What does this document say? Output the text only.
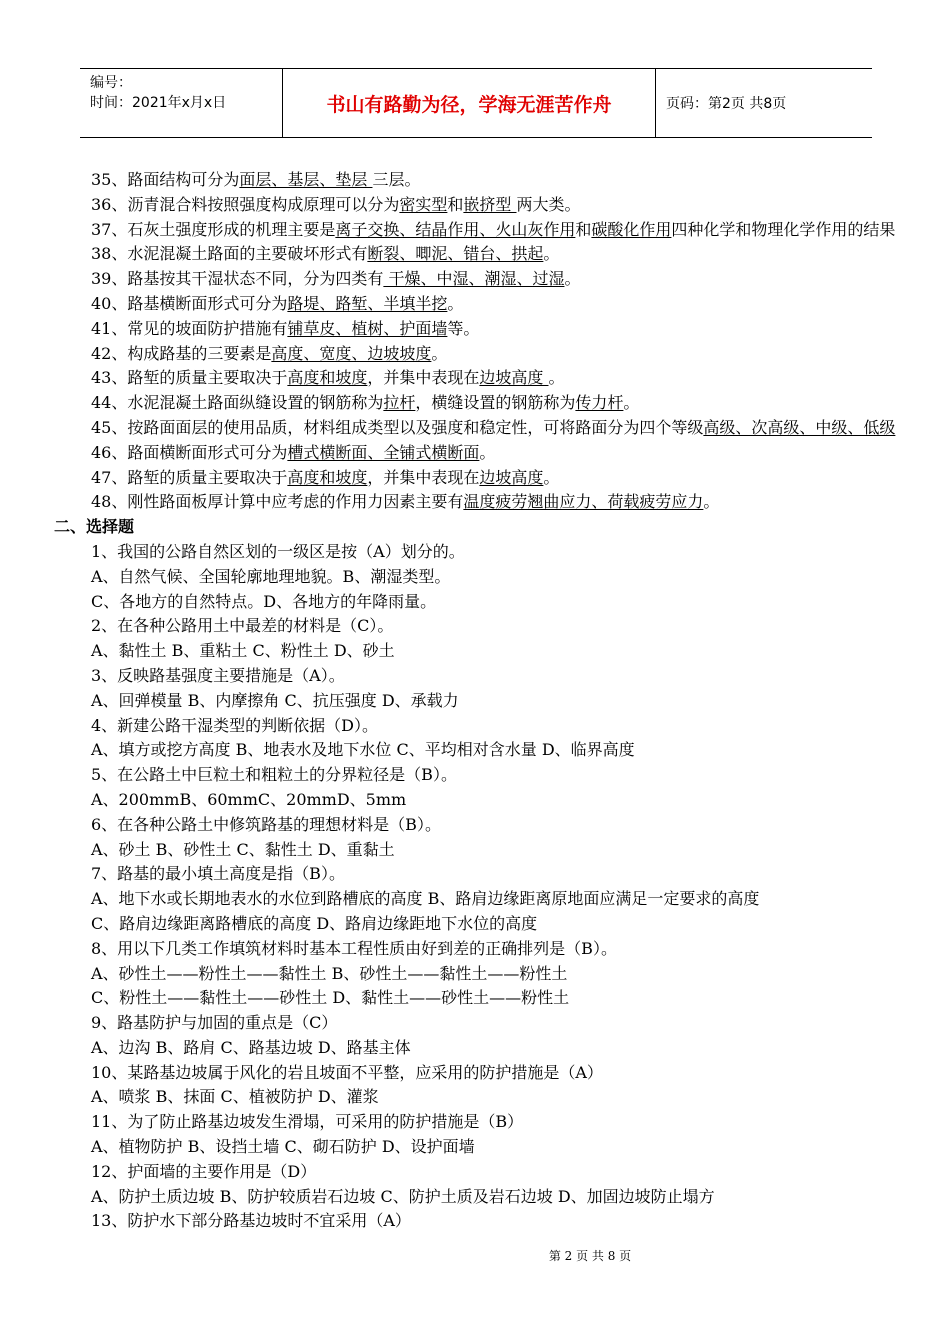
编号：
时间：2021年x月x日	书山有路勤为径，学海无涯苦作舟	页码：第2页 共8页

35、路面结构可分为面层、基层、垫层 三层。

36、沥青混合料按照强度构成原理可以分为密实型和嵌挤型 两大类。

37、石灰土强度形成的机理主要是离子交换、结晶作用、火山灰作用和碳酸化作用四种化学和物理化学作用的结果 38、水泥混凝土路面的主要破坏形式有断裂、唧泥、错台、拱起。

39、路基按其干湿状态不同，分为四类有 干燥、中湿、潮湿、过湿。

40、路基横断面形式可分为路堤、路堑、半填半挖。

41、常见的坡面防护措施有铺草皮、植树、护面墙等。

42、构成路基的三要素是高度、宽度、边坡坡度。

43、路堑的质量主要取决于高度和坡度，并集中表现在边坡高度 。

44、水泥混凝土路面纵缝设置的钢筋称为拉杆，横缝设置的钢筋称为传力杆。

45、按路面面层的使用品质，材料组成类型以及强度和稳定性，可将路面分为四个等级高级、次高级、中级、低级 46、路面横断面形式可分为槽式横断面、全铺式横断面。

47、路堑的质量主要取决于高度和坡度，并集中表现在边坡高度。

48、刚性路面板厚计算中应考虑的作用力因素主要有温度疲劳翘曲应力、荷载疲劳应力。

二、选择题

1、我国的公路自然区划的一级区是按（A）划分的。

A、自然气候、全国轮廓地理地貌。B、潮湿类型。

C、各地方的自然特点。D、各地方的年降雨量。

2、在各种公路用土中最差的材料是（C）。

A、黏性土 B、重粘土 C、粉性土 D、砂土

3、反映路基强度主要措施是（A）。

A、回弹模量 B、内摩擦角 C、抗压强度 D、承载力

4、新建公路干湿类型的判断依据（D）。

A、填方或挖方高度 B、地表水及地下水位 C、平均相对含水量 D、临界高度

5、在公路土中巨粒土和粗粒土的分界粒径是（B）。

A、200mmB、60mmC、20mmD、5mm

6、在各种公路土中修筑路基的理想材料是（B）。

A、砂土 B、砂性土 C、黏性土 D、重黏土

7、路基的最小填土高度是指（B）。

A、地下水或长期地表水的水位到路槽底的高度 B、路肩边缘距离原地面应满足一定要求的高度

C、路肩边缘距离路槽底的高度 D、路肩边缘距地下水位的高度

8、用以下几类工作填筑材料时基本工程性质由好到差的正确排列是（B）。

A、砂性土——粉性土——黏性土 B、砂性土——黏性土——粉性土

C、粉性土——黏性土——砂性土 D、黏性土——砂性土——粉性土

9、路基防护与加固的重点是（C）

A、边沟 B、路肩 C、路基边坡 D、路基主体

10、某路基边坡属于风化的岩且坡面不平整，应采用的防护措施是（A）

A、喷浆 B、抹面 C、植被防护 D、灌浆

11、为了防止路基边坡发生滑塌，可采用的防护措施是（B）

A、植物防护 B、设挡土墙 C、砌石防护 D、设护面墙

12、护面墙的主要作用是（D）

A、防护土质边坡 B、防护较质岩石边坡 C、防护土质及岩石边坡 D、加固边坡防止塌方

13、防护水下部分路基边坡时不宜采用（A）

第 2 页 共 8 页
